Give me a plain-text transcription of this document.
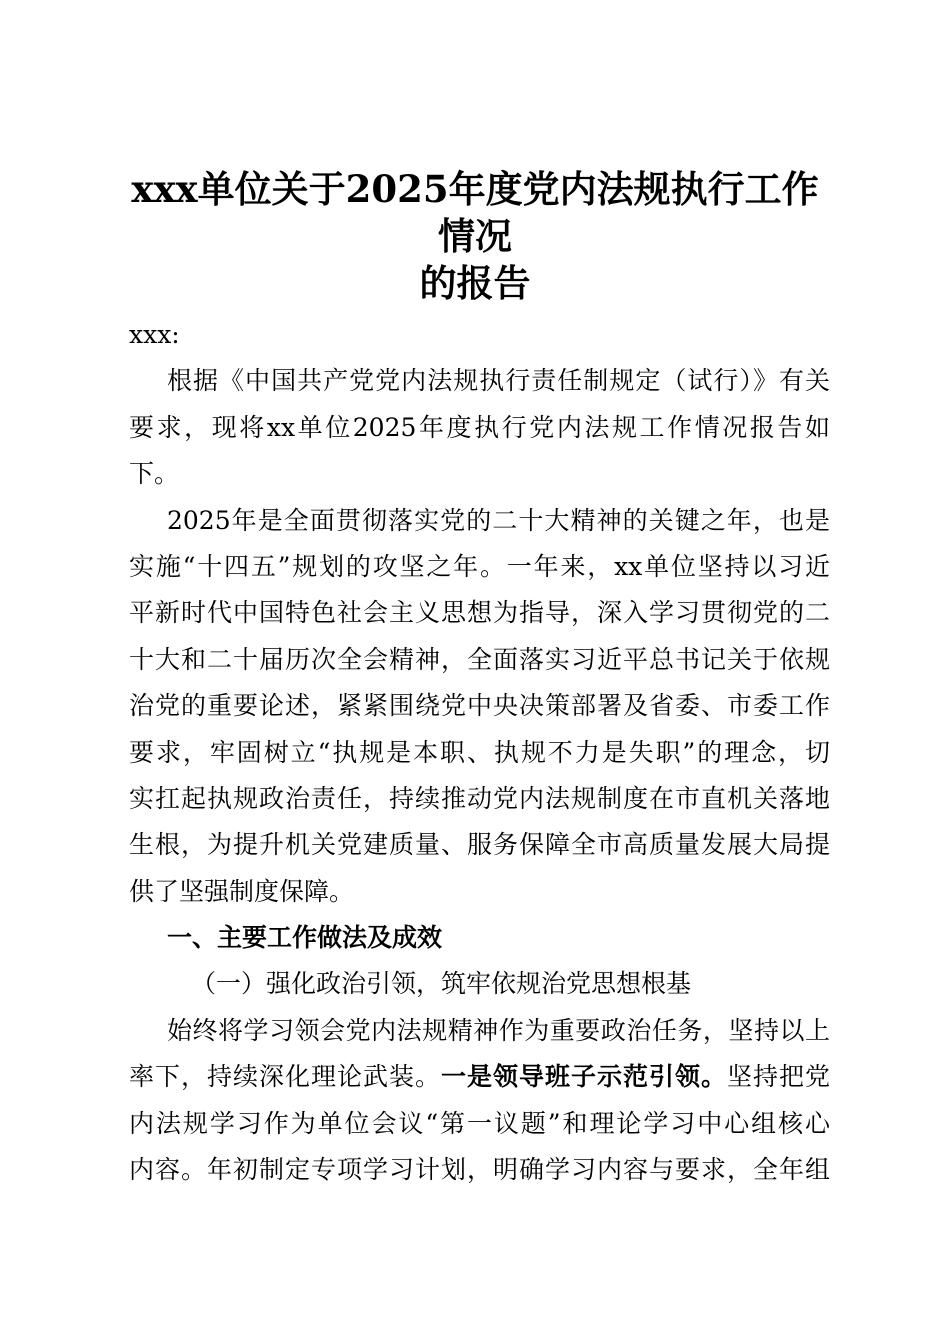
xxx单位关于2025年度党内法规执行工作情况
的报告
xxx:
根据《中国共产党党内法规执行责任制规定（试行）》有关
要求，现将xx单位2025年度执行党内法规工作情况报告如
下。
2025年是全面贯彻落实党的二十大精神的关键之年，也是
实施“十四五”规划的攻坚之年。一年来，xx单位坚持以习近
平新时代中国特色社会主义思想为指导，深入学习贯彻党的二
十大和二十届历次全会精神，全面落实习近平总书记关于依规
治党的重要论述，紧紧围绕党中央决策部署及省委、市委工作
要求，牢固树立“执规是本职、执规不力是失职”的理念，切
实扛起执规政治责任，持续推动党内法规制度在市直机关落地
生根，为提升机关党建质量、服务保障全市高质量发展大局提
供了坚强制度保障。
一、主要工作做法及成效
（一）强化政治引领，筑牢依规治党思想根基
始终将学习领会党内法规精神作为重要政治任务，坚持以上
率下，持续深化理论武装。一是领导班子示范引领。坚持把党
内法规学习作为单位会议“第一议题”和理论学习中心组核心
内容。年初制定专项学习计划，明确学习内容与要求，全年组
